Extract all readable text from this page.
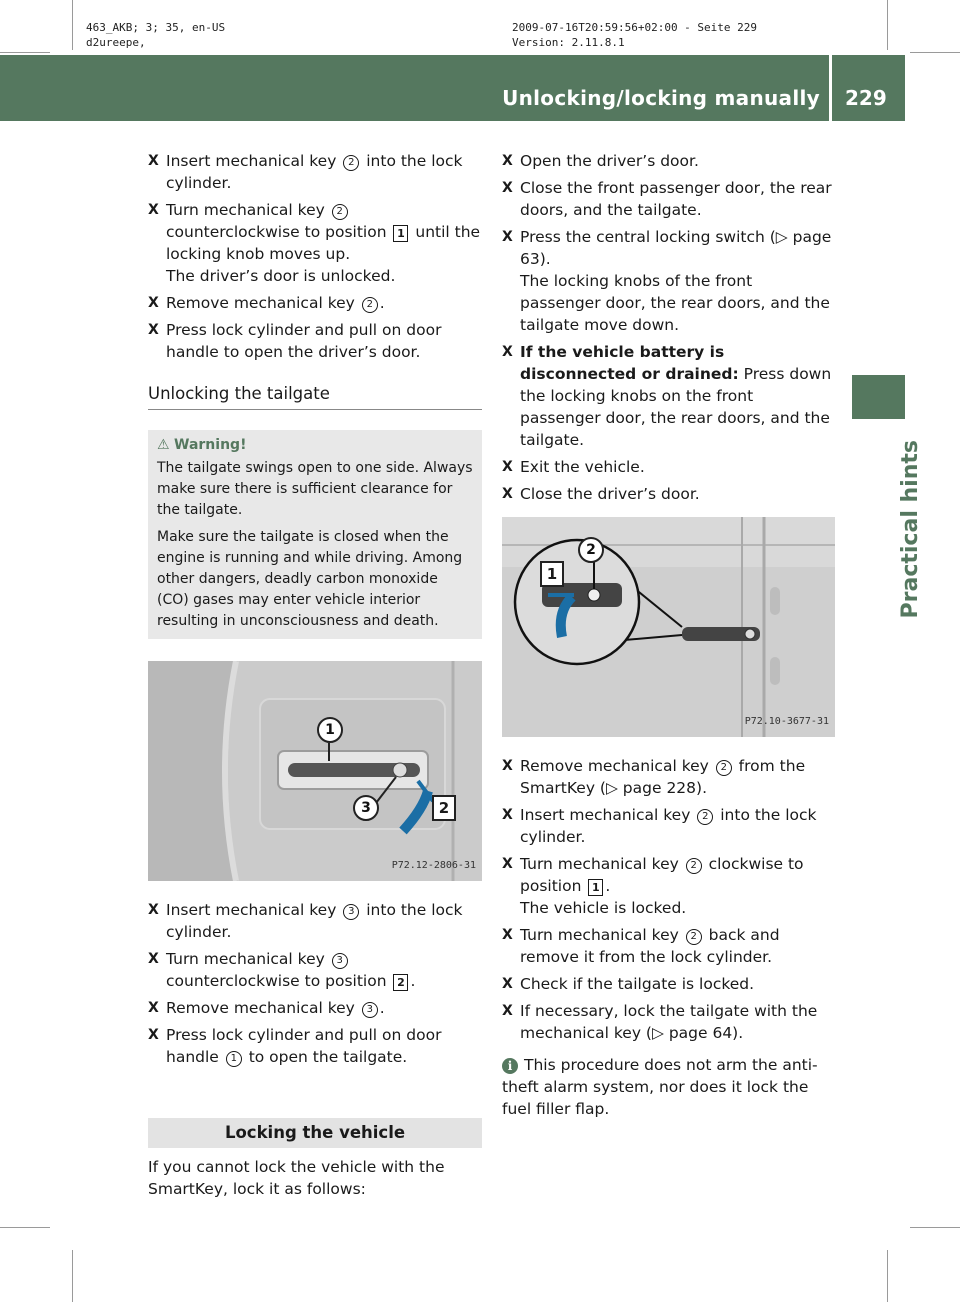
463_AKB; 3; 35, en-US
d2ureepe,
2009-07-16T20:59:56+02:00 - Seite 229
Version: 2.11.8.1
Unlocking/locking manually 229
Practical hints
X Insert mechanical key 2 into the lock cylinder.
X Turn mechanical key 2 counterclockwise to position 1 until the locking knob moves up.
The driver’s door is unlocked.
X Remove mechanical key 2 .
X Press lock cylinder and pull on door handle to open the driver’s door.
Unlocking the tailgate
⚠ Warning!

The tailgate swings open to one side. Always make sure there is sufficient clearance for the tailgate.

Make sure the tailgate is closed when the engine is running and while driving. Among other dangers, deadly carbon monoxide (CO) gases may enter vehicle interior resulting in unconsciousness and death.

1
3	2
P72.12-2806-31
X Insert mechanical key 3 into the lock cylinder.
X Turn mechanical key 3 counterclockwise to position 2 .
X Remove mechanical key 3 .
X Press lock cylinder and pull on door handle 1 to open the tailgate.
Locking the vehicle
If you cannot lock the vehicle with the SmartKey, lock it as follows:
X Open the driver’s door.
X Close the front passenger door, the rear doors, and the tailgate.
X Press the central locking switch (▷ page 63).
The locking knobs of the front passenger door, the rear doors, and the tailgate move down.
X If the vehicle battery is disconnected or drained: Press down the locking knobs on the front passenger door, the rear doors, and the tailgate.
X Exit the vehicle.
X Close the driver’s door.
2
1
P72.10-3677-31
X Remove mechanical key 2 from the SmartKey (▷ page 228).
X Insert mechanical key 2 into the lock cylinder.
X Turn mechanical key 2 clockwise to position 1 .
The vehicle is locked.
X Turn mechanical key 2 back and remove it from the lock cylinder.
X Check if the tailgate is locked.
X If necessary, lock the tailgate with the mechanical key (▷ page 64).
i This procedure does not arm the anti-theft alarm system, nor does it lock the fuel filler flap.
